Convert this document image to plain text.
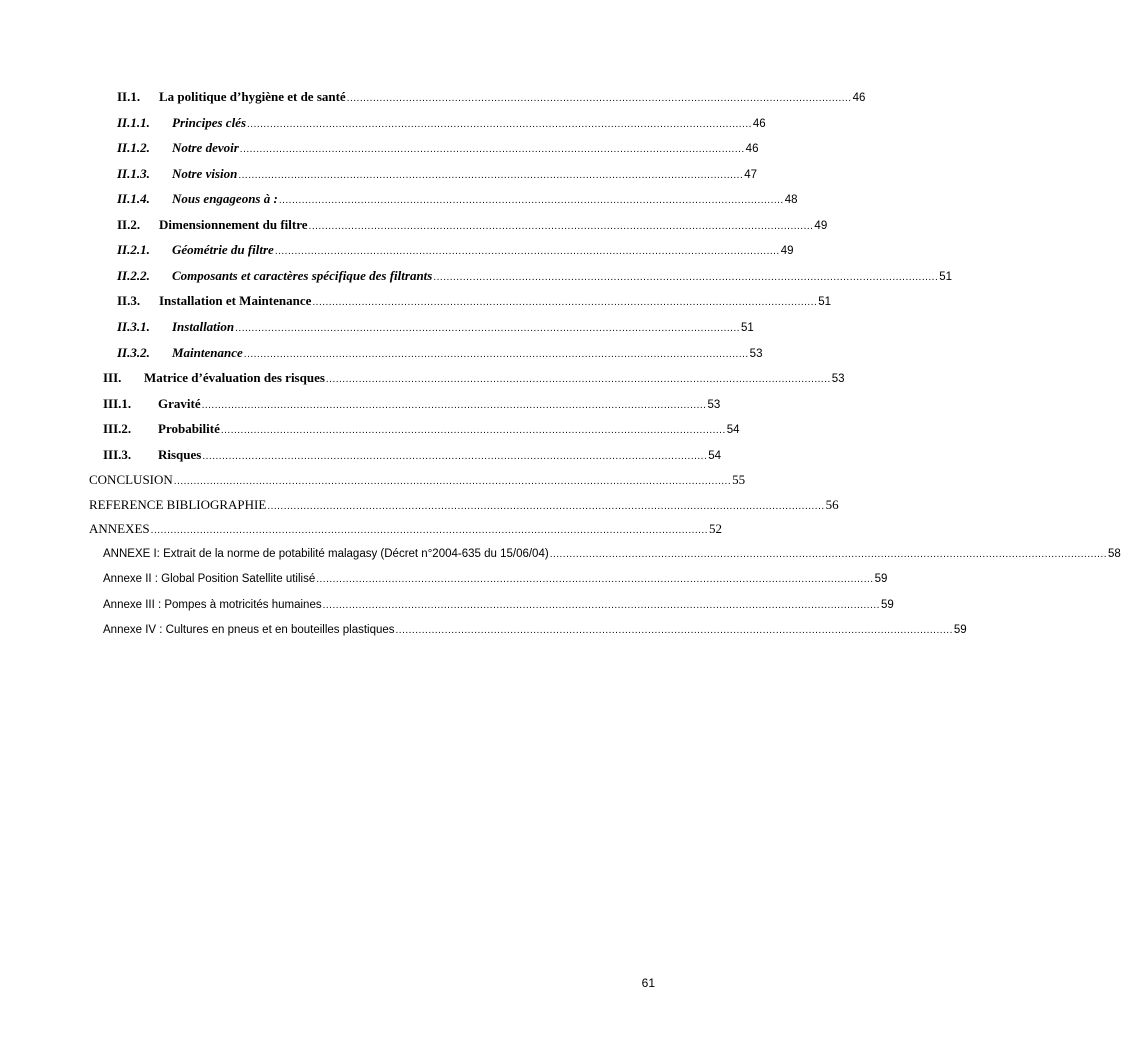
II.1.	La politique d’hygiène et de santé .......................................................................................................................................................... 46
II.1.1.	Principes clés .......................................................................................................................................................... 46
II.1.2.	Notre devoir .......................................................................................................................................................... 46
II.1.3.	Notre vision .......................................................................................................................................................... 47
II.1.4.	Nous engageons à : .......................................................................................................................................................... 48
II.2.	Dimensionnement du filtre .......................................................................................................................................................... 49
II.2.1.	Géométrie du filtre .......................................................................................................................................................... 49
II.2.2.	Composants et caractères spécifique des filtrants .......................................................................................................................................................... 51
II.3.	Installation et Maintenance .......................................................................................................................................................... 51
II.3.1.	Installation .......................................................................................................................................................... 51
II.3.2.	Maintenance .......................................................................................................................................................... 53
III.	Matrice d’évaluation des risques .......................................................................................................................................................... 53
III.1.	Gravité .......................................................................................................................................................... 53
III.2.	Probabilité .......................................................................................................................................................... 54
III.3.	Risques .......................................................................................................................................................... 54
CONCLUSION .......................................................................................................................................................................... 55
REFERENCE BIBLIOGRAPHIE .......................................................................................................................................................................... 56
ANNEXES .......................................................................................................................................................................... 52
ANNEXE I: Extrait de la norme de potabilité malagasy (Décret n°2004-635 du 15/06/04) .......................................................................................................................................................................... 58
Annexe II : Global Position Satellite utilisé .......................................................................................................................................................................... 59
Annexe III : Pompes à motricités humaines .......................................................................................................................................................................... 59
Annexe IV : Cultures en pneus et en bouteilles plastiques .......................................................................................................................................................................... 59
61
